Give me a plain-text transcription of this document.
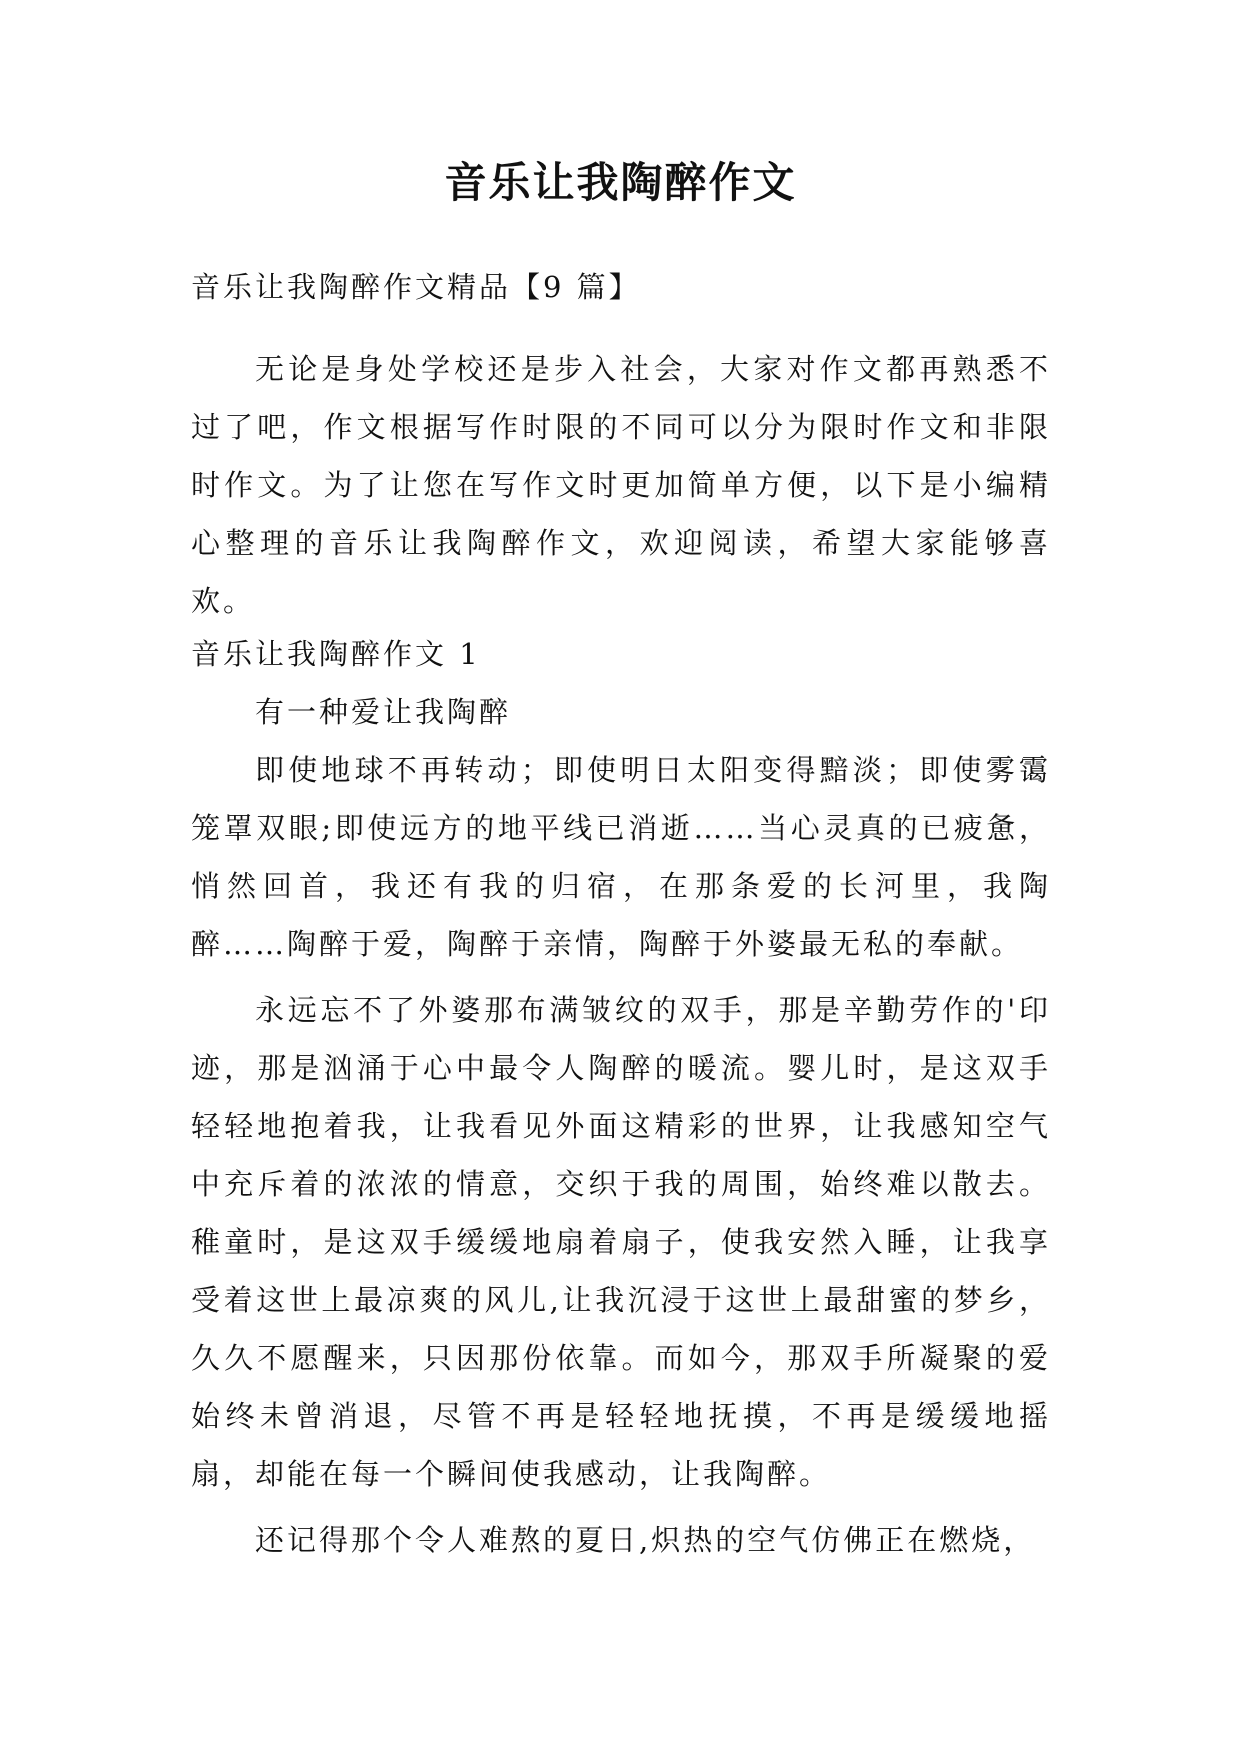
音乐让我陶醉作文

音乐让我陶醉作文精品【9 篇】

无论是身处学校还是步入社会，大家对作文都再熟悉不过了吧，作文根据写作时限的不同可以分为限时作文和非限时作文。为了让您在写作文时更加简单方便，以下是小编精心整理的音乐让我陶醉作文，欢迎阅读，希望大家能够喜欢。

音乐让我陶醉作文 1

有一种爱让我陶醉

即使地球不再转动；即使明日太阳变得黯淡；即使雾霭笼罩双眼;即使远方的地平线已消逝……当心灵真的已疲惫，悄然回首，我还有我的归宿，在那条爱的长河里，我陶醉……陶醉于爱，陶醉于亲情，陶醉于外婆最无私的奉献。

永远忘不了外婆那布满皱纹的双手，那是辛勤劳作的'印迹，那是汹涌于心中最令人陶醉的暖流。婴儿时，是这双手轻轻地抱着我，让我看见外面这精彩的世界，让我感知空气中充斥着的浓浓的情意，交织于我的周围，始终难以散去。稚童时，是这双手缓缓地扇着扇子，使我安然入睡，让我享受着这世上最凉爽的风儿,让我沉浸于这世上最甜蜜的梦乡，久久不愿醒来，只因那份依靠。而如今，那双手所凝聚的爱始终未曾消退，尽管不再是轻轻地抚摸，不再是缓缓地摇扇，却能在每一个瞬间使我感动，让我陶醉。

还记得那个令人难熬的夏日,炽热的空气仿佛正在燃烧，
